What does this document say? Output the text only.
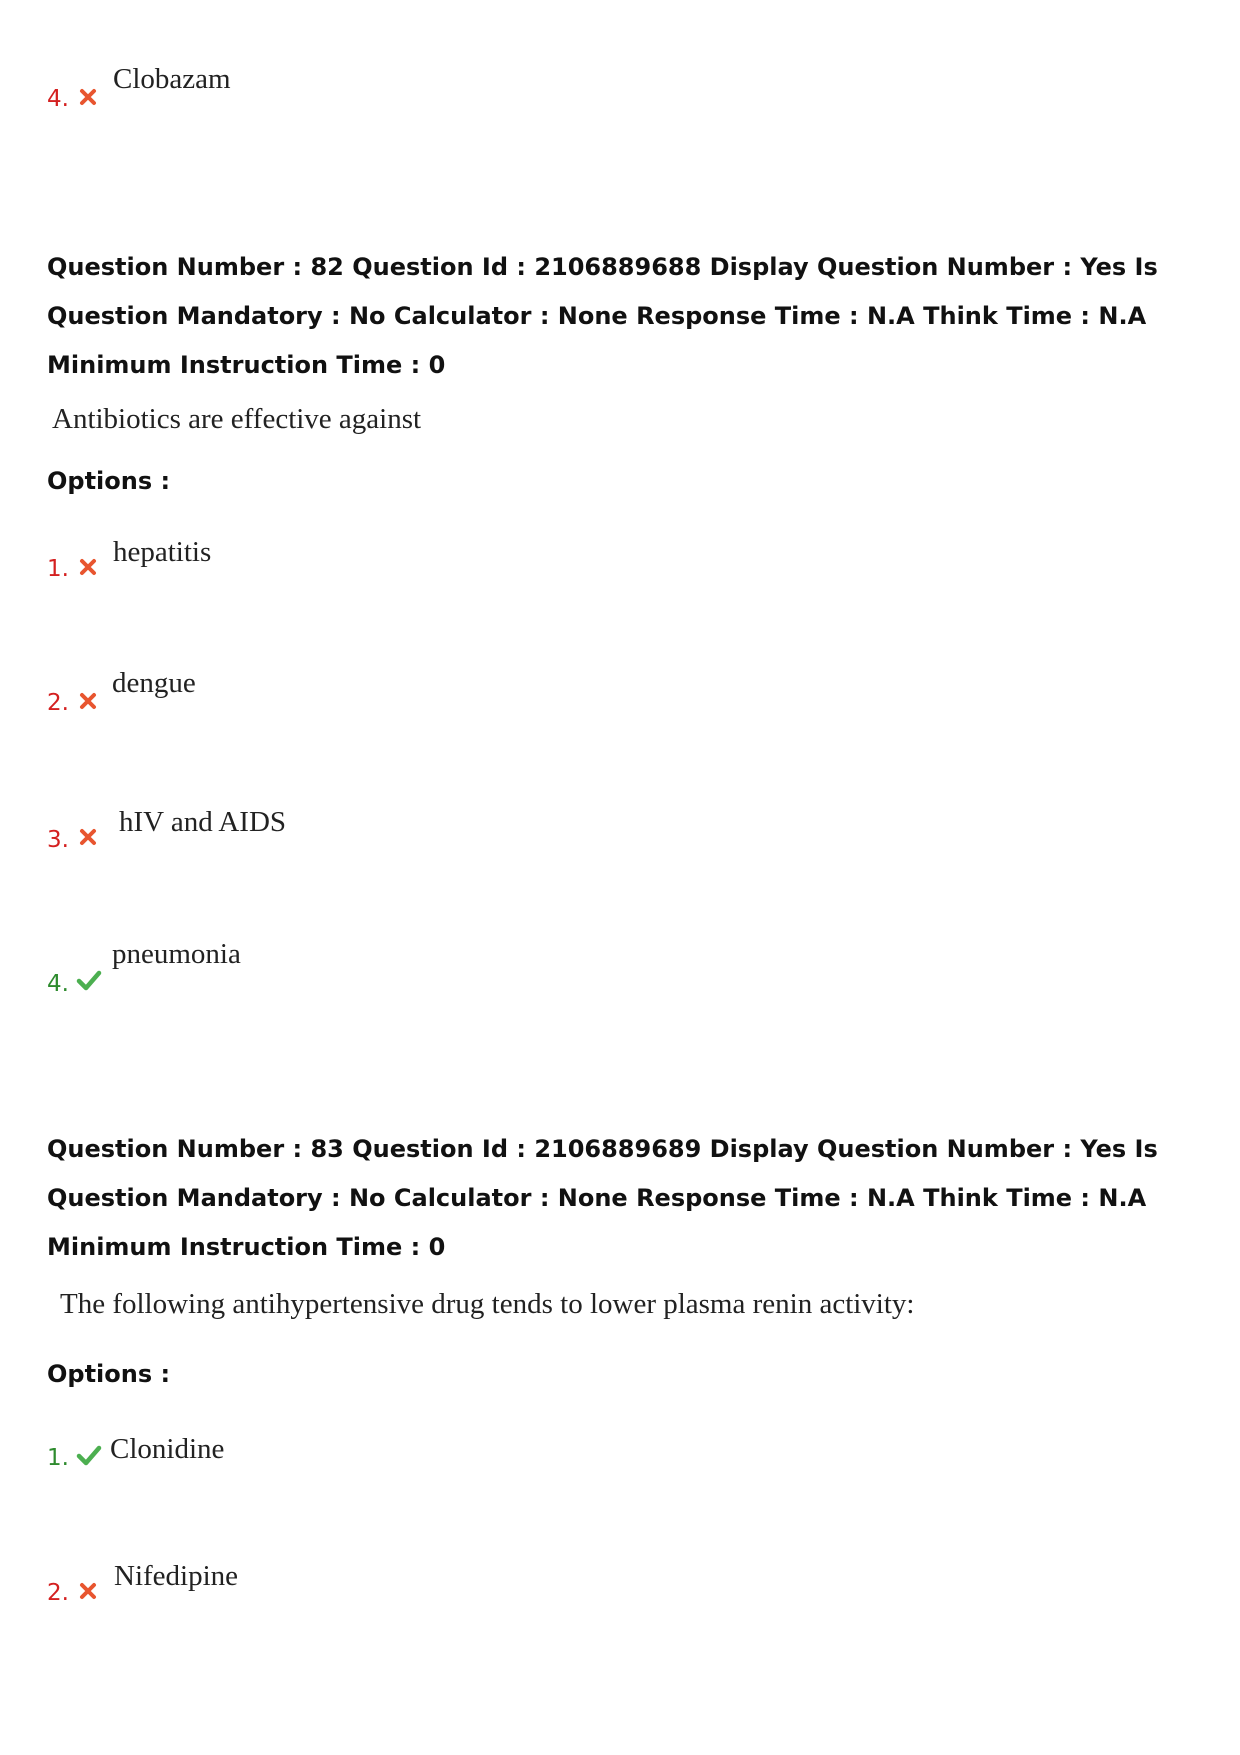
4.
Clobazam
Question Number : 82 Question Id : 2106889688 Display Question Number : Yes Is Question Mandatory : No Calculator : None Response Time : N.A Think Time : N.A Minimum Instruction Time : 0
Antibiotics are effective against
Options :
1.
hepatitis
2.
dengue
3.
hIV and AIDS
4.
pneumonia
Question Number : 83 Question Id : 2106889689 Display Question Number : Yes Is Question Mandatory : No Calculator : None Response Time : N.A Think Time : N.A Minimum Instruction Time : 0
The following antihypertensive drug tends to lower plasma renin activity:
Options :
1. Clonidine
2.
Nifedipine
